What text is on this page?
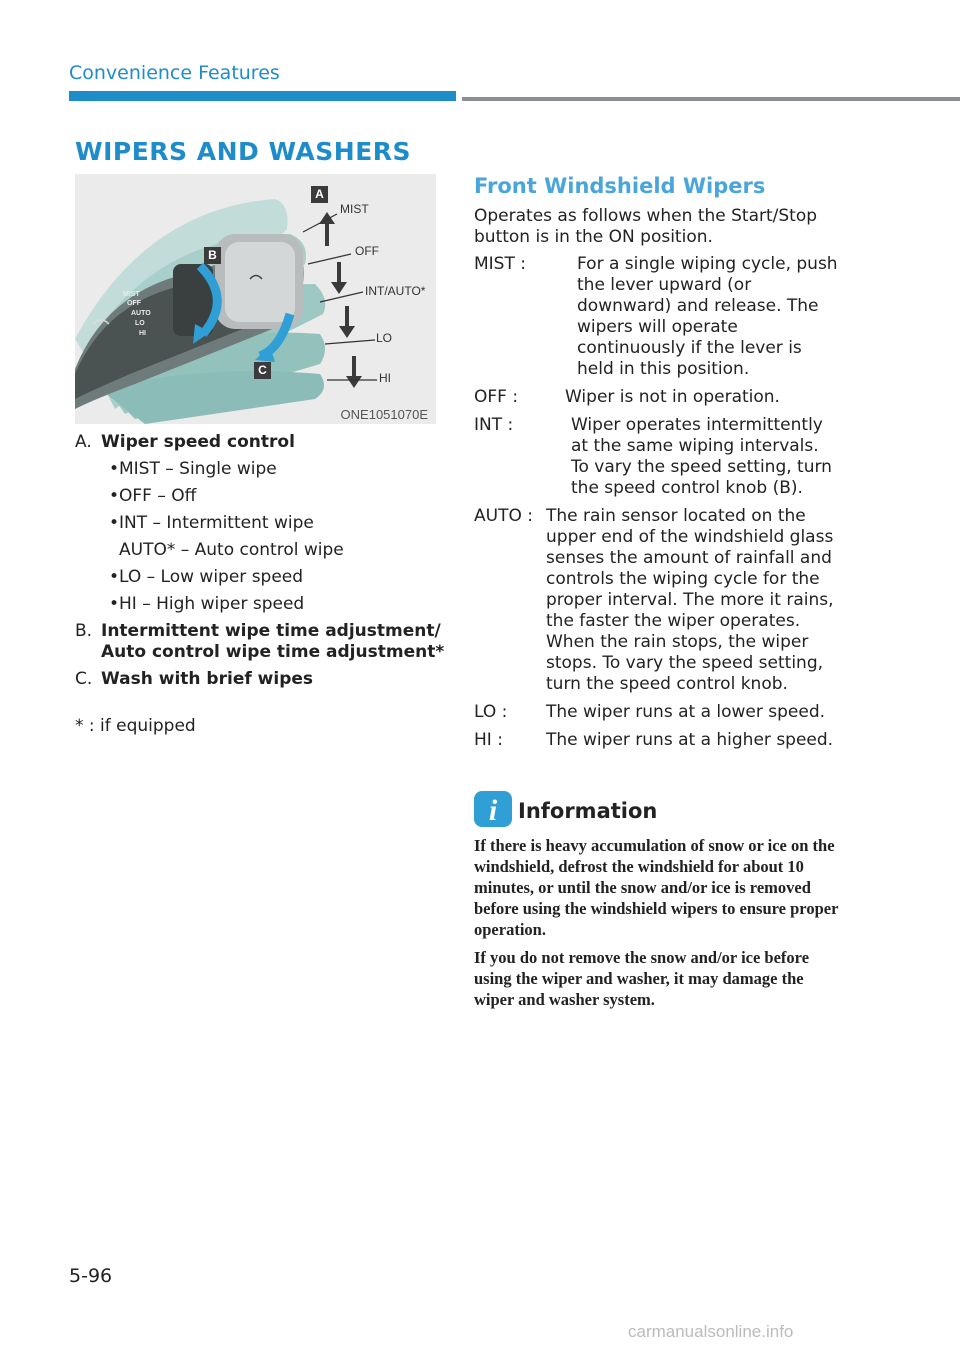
Convenience Features
WIPERS AND WASHERS
MIST
OFF
AUTO
LO
HI
A
B
C
MIST
OFF
INT/AUTO*
LO
HI
ONE1051070E
A. Wiper speed control
•MIST – Single wipe
•OFF – Off
•INT – Intermittent wipe
AUTO* – Auto control wipe
•LO – Low wiper speed
•HI – High wiper speed
B. Intermittent wipe time adjustment/ Auto control wipe time adjustment*
C. Wash with brief wipes
* : if equipped
Front Windshield Wipers
Operates as follows when the Start/Stop button is in the ON position.
MIST :	For a single wiping cycle, push the lever upward (or downward) and release. The wipers will operate continuously if the lever is held in this position.
OFF :	Wiper is not in operation.
INT :	Wiper operates intermittently at the same wiping intervals. To vary the speed setting, turn the speed control knob (B).
AUTO : The rain sensor located on the upper end of the windshield glass senses the amount of rainfall and controls the wiping cycle for the proper interval. The more it rains, the faster the wiper operates. When the rain stops, the wiper stops. To vary the speed setting, turn the speed control knob.
LO : The wiper runs at a lower speed.
HI :	The wiper runs at a higher speed.
i Information

If there is heavy accumulation of snow or ice on the windshield, defrost the windshield for about 10 minutes, or until the snow and/or ice is removed before using the windshield wipers to ensure proper operation.

If you do not remove the snow and/or ice before using the wiper and washer, it may damage the wiper and washer system.

5-96
carmanualsonline.info
